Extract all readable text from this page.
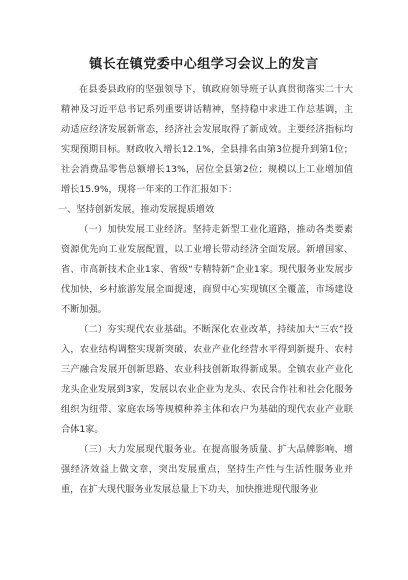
镇长在镇党委中心组学习会议上的发言

在县委县政府的坚强领导下，镇政府领导班子认真贯彻落实二十大精神及习近平总书记系列重要讲话精神，坚持稳中求进工作总基调，主动适应经济发展新常态，经济社会发展取得了新成效。主要经济指标均实现预期目标。财政收入增长12.1%，全县排名由第3位提升到第1位；社会消费品零售总额增长13%，居位全县第2位；规模以上工业增加值增长15.9%，现将一年来的工作汇报如下：

一、坚持创新发展，推动发展提质增效

（一）加快发展工业经济。坚持走新型工业化道路，推动各类要素资源优先向工业发展配置，以工业增长带动经济全面发展。新增国家、省、市高新技术企业1家、省级“专精特新”企业1家。现代服务业发展步伐加快，乡村旅游发展全面提速，商贸中心实现镇区全覆盖，市场建设不断加强。

（二）夯实现代农业基础。不断深化农业改革，持续加大“三农”投入，农业结构调整实现新突破、农业产业化经营水平得到新提升、农村三产融合发展开创新思路、农业科技创新取得新成果。全镇农业产业化龙头企业发展到3家，发展以农业企业为龙头、农民合作社和社会化服务组织为纽带、家庭农场等规模种养主体和农户为基础的现代农业产业联合体1家。

（三）大力发展现代服务业。在提高服务质量、扩大品牌影响、增强经济效益上做文章，突出发展重点，坚持生产性与生活性服务业并重，在扩大现代服务业发展总量上下功夫，加快推进现代服务业
